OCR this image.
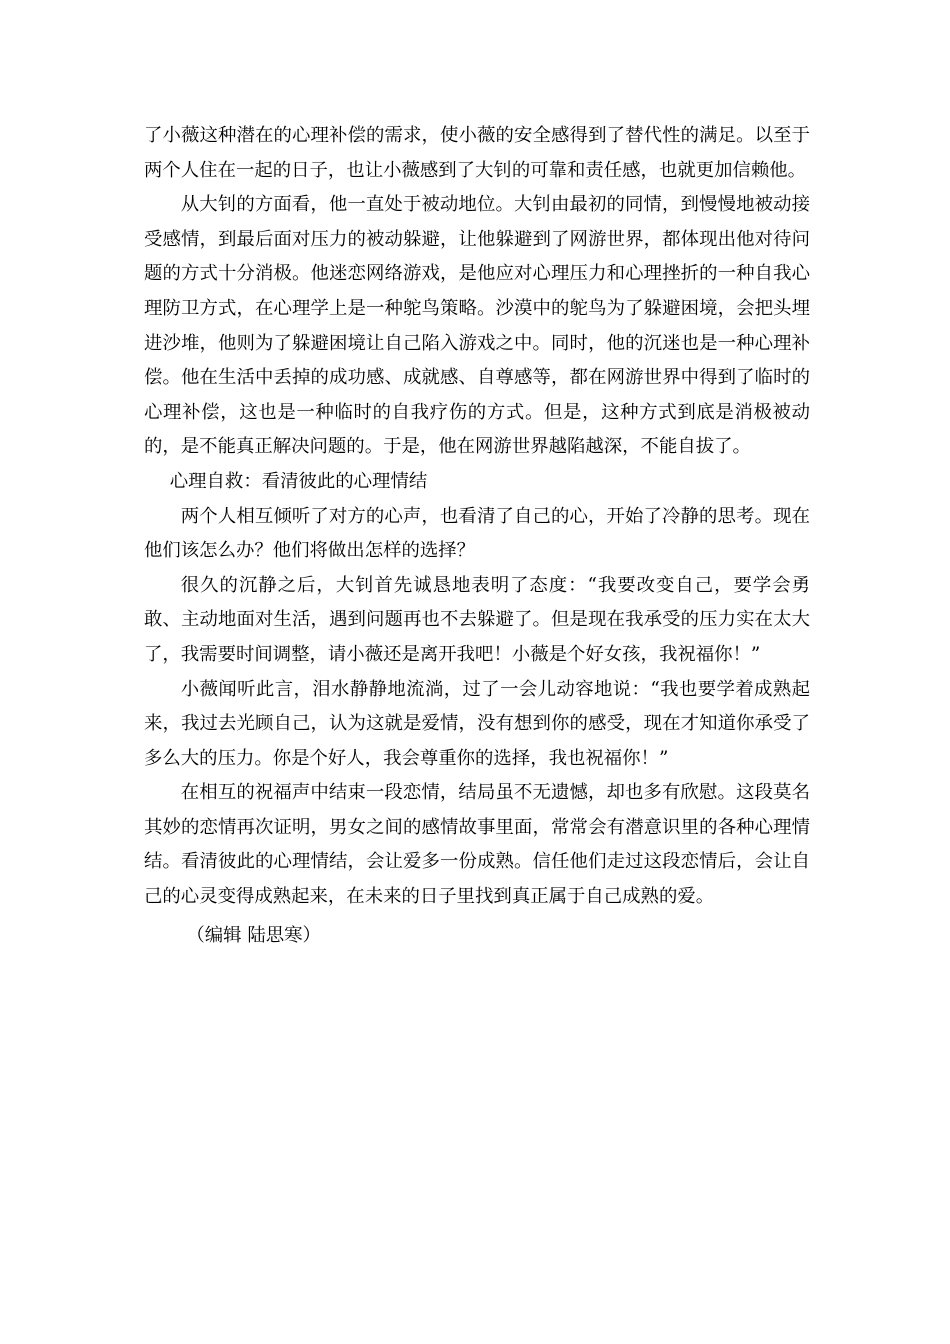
了小薇这种潜在的心理补偿的需求，使小薇的安全感得到了替代性的满足。以至于两个人住在一起的日子，也让小薇感到了大钊的可靠和责任感，也就更加信赖他。

从大钊的方面看，他一直处于被动地位。大钊由最初的同情，到慢慢地被动接受感情，到最后面对压力的被动躲避，让他躲避到了网游世界，都体现出他对待问题的方式十分消极。他迷恋网络游戏，是他应对心理压力和心理挫折的一种自我心理防卫方式，在心理学上是一种鸵鸟策略。沙漠中的鸵鸟为了躲避困境，会把头埋进沙堆，他则为了躲避困境让自己陷入游戏之中。同时，他的沉迷也是一种心理补偿。他在生活中丢掉的成功感、成就感、自尊感等，都在网游世界中得到了临时的心理补偿，这也是一种临时的自我疗伤的方式。但是，这种方式到底是消极被动的，是不能真正解决问题的。于是，他在网游世界越陷越深，不能自拔了。

心理自救：看清彼此的心理情结

两个人相互倾听了对方的心声，也看清了自己的心，开始了冷静的思考。现在他们该怎么办？他们将做出怎样的选择？

很久的沉静之后，大钊首先诚恳地表明了态度：“我要改变自己，要学会勇敢、主动地面对生活，遇到问题再也不去躲避了。但是现在我承受的压力实在太大了，我需要时间调整，请小薇还是离开我吧！小薇是个好女孩，我祝福你！”

小薇闻听此言，泪水静静地流淌，过了一会儿动容地说：“我也要学着成熟起来，我过去光顾自己，认为这就是爱情，没有想到你的感受，现在才知道你承受了多么大的压力。你是个好人，我会尊重你的选择，我也祝福你！”

在相互的祝福声中结束一段恋情，结局虽不无遗憾，却也多有欣慰。这段莫名其妙的恋情再次证明，男女之间的感情故事里面，常常会有潜意识里的各种心理情结。看清彼此的心理情结，会让爱多一份成熟。信任他们走过这段恋情后，会让自己的心灵变得成熟起来，在未来的日子里找到真正属于自己成熟的爱。

（编辑 陆思寒）
